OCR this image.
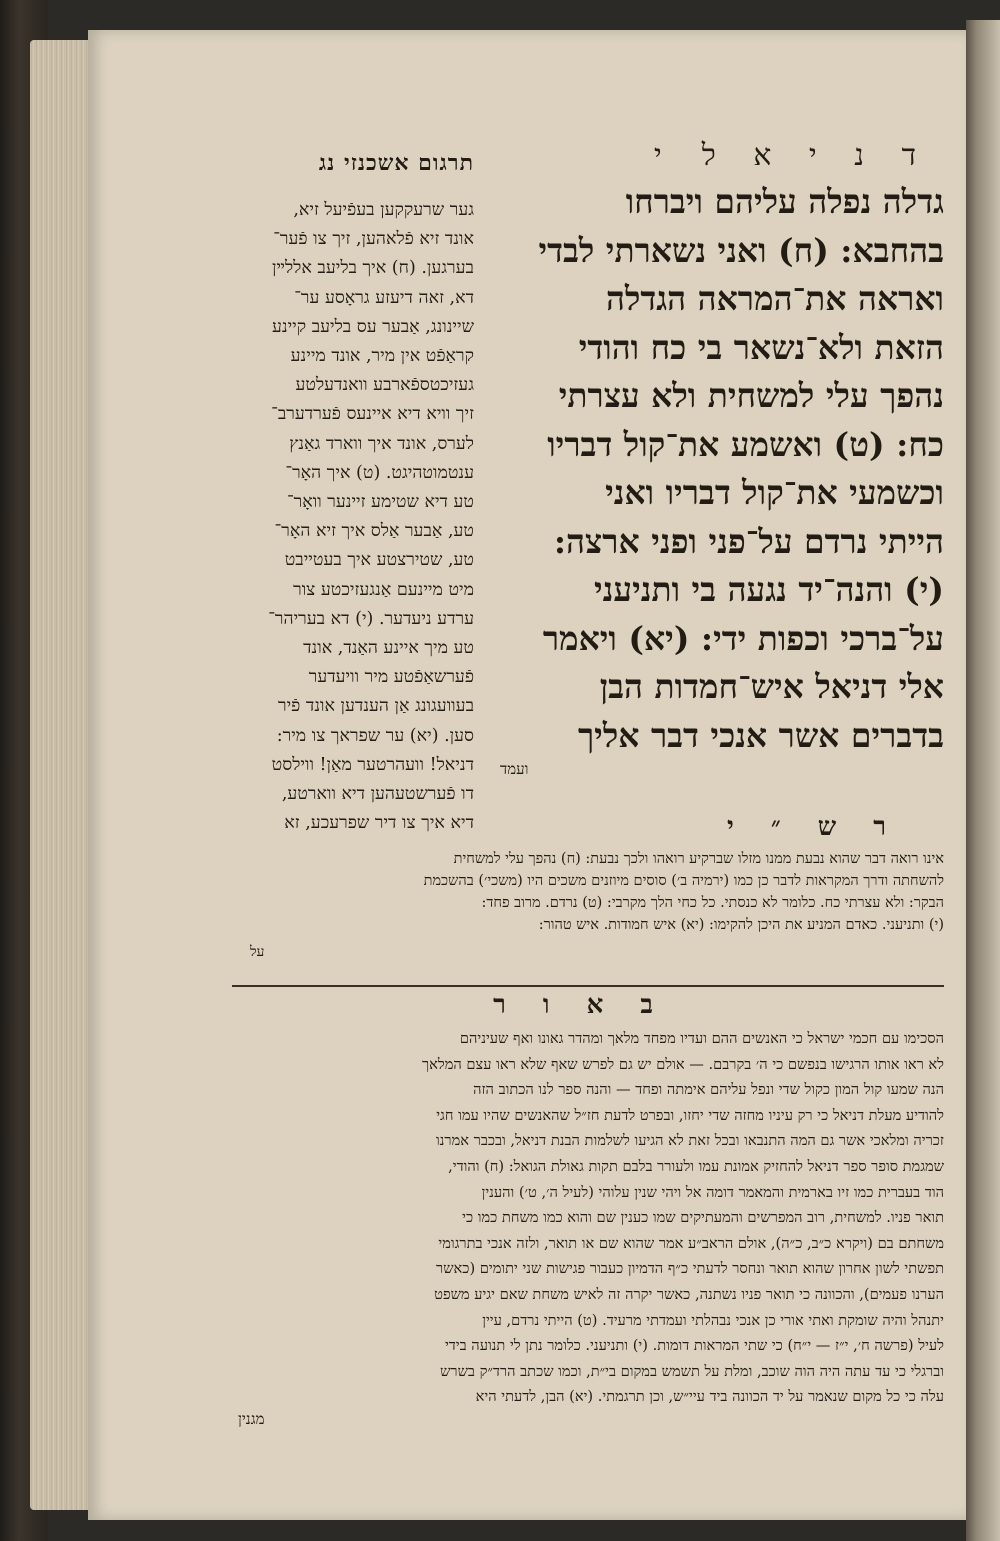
תרגום אשכנזי נג	ד נ י א לי

גדלה נפלה עליהם ויברחו

בהחבא: (ח) ואני נשארתי לבדי

ואראה את־המראה הגדלה

הזאת ולא־נשאר בי כח והודי

נהפך עלי למשחית ולא עצרתי

כח: (ט) ואשמע את־קול דבריו

וכשמעי את־קול דבריו ואני

הייתי נרדם על־פני ופני ארצה:

(י) והנה־יד נגעה בי ותניעני

על־ברכי וכפות ידי: (יא) ויאמר

אלי דניאל איש־חמדות הבן

בדברים אשר אנכי דבר אליך

ועמד

גער שרעקקען בעפֿיעל זיא,

אונד זיא פֿלאהען, זיך צו פֿער־

בערגען. (ח) איך בליעב אללײן

דא, זאה דיעזע גראָסע ער־

שיינונג, אַבער עס בליעב קיינע

קראַפֿט אין מיר, אונד מיינע

געזיכטספֿארבע וואנדעלטע

זיך וויא דיא איינעס פֿערדערב־

לערס, אונד איך ווארד גאַנץ

ענטמוטהיגט. (ט) איך האָר־

טע דיא שטימע זיינער וואָר־

טע, אַבער אַלס איך זיא האָר־

טע, שטירצטע איך בעטייבט

מיט מיינעם אַנגעזיכטע צור

ערדע ניעדער. (י) דא בעריהר־

טע מיך איינע האַנד, אונד

פֿערשאַפֿטע מיר וויעדער

בעוועגונג אַן הענדען אונד פֿיר

סען. (יא) ער שפראך צו מיר:

דניאל! וועהרטער מאַן! ווילסט

דו פֿערשטעהען דיא ווארטע,

דיא איך צו דיר שפרעכע, זא	ר ש ״ י

אינו רואה דבר שהוא נבעת ממנו מזלו שברקיע רואהו ולכך נבעת: (ח) נהפך עלי למשחית

להשחתה ודרך המקראות לדבר כן כמו (ירמיה ב׳) סוסים מיוזנים משכים היו (משכי׳) בהשכמת

הבקר: ולא עצרתי כח. כלומר לא כנסתי. כל כחי הלך מקרבי: (ט) נרדם. מרוב פחד:

(י) ותניעני. כאדם המניע את היכן להקימו: (יא) איש חמודות. איש טהור:

על
ב א ו ר

הסכימו עם חכמי ישראל כי האנשים ההם ועדיו מפחד מלאך ומהדר גאונו ואף שעיניהם

לא ראו אותו הרגישו בנפשם כי ה׳ בקרבם. — אולם יש גם לפרש שאף שלא ראו עצם המלאך

הנה שמעו קול המון כקול שדי ונפל עליהם אימתה ופחד — והנה ספר לנו הכתוב הזה

להודיע מעלת דניאל כי רק עיניו מחזה שדי יחזו, ובפרט לדעת חז״ל שהאנשים שהיו עמו חגי

זכריה ומלאכי אשר גם המה התנבאו ובכל זאת לא הגיעו לשלמות הבנת דניאל, ובכבר אמרנו

שמגמת סופר ספר דניאל להחזיק אמונת עמו ולעורר בלבם תקות גאולת הגואל: (ח) והודי,

הוד בעברית כמו זיו בארמית והמאמר דומה אל ויהי שנין עלוהי (לעיל ה׳, ט׳) והענין

תואר פניו. למשחית, רוב המפרשים והמעתיקים שמו כענין שם והוא כמו משחת כמו כי

משחתם בם (ויקרא כ״ב, כ״ה), אולם הראב״ע אמר שהוא שם או תואר, ולזה אנכי בתרגומי

תפשתי לשון אחרון שהוא תואר ונחסר לדעתי כ״ף הדמיון כעבור פגישות שני יתומים (כאשר

הערנו פעמים), והכוונה כי תואר פניו נשתנה, כאשר יקרה זה לאיש משחת שאם יגיע משפט

יתנהל והיה שומקת ואתי אורי כן אנכי נבהלתי ועמדתי מרעיד. (ט) הייתי נרדם, עיין

לעיל (פרשה ח׳, י״ז — י״ח) כי שתי המראות דומות. (י) ותניעני. כלומר נתן לי תנועה בידי

וברגלי כי עד עתה היה הוה שוכב, ומלת על תשמש במקום בי״ת, וכמו שכתב הרד״ק בשרש

עלה כי כל מקום שנאמר על יד הכוונה ביד עיי״ש, וכן תרגמתי. (יא) הבן, לדעתי היא

מגנין
